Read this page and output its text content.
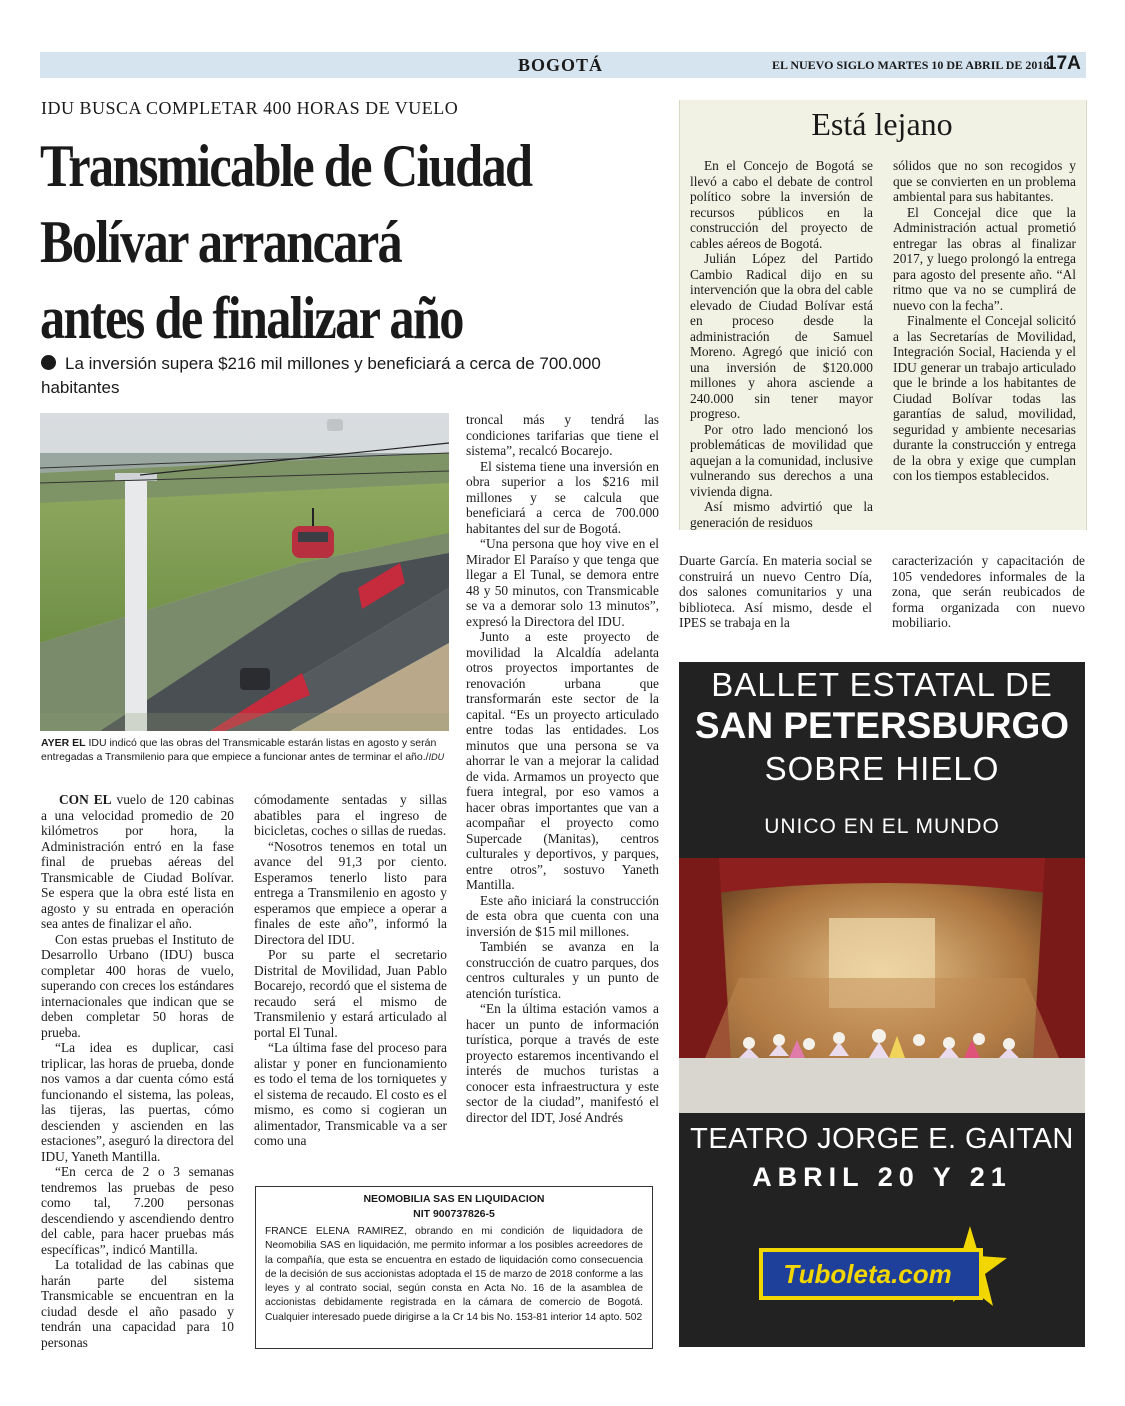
BOGOTÁ	EL NUEVO SIGLO MARTES 10 DE ABRIL DE 2018
17A
IDU BUSCA COMPLETAR 400 HORAS DE VUELO
Transmicable de Ciudad
Bolívar arrancará
antes de finalizar año
La inversión supera $216 mil millones y beneficiará a cerca de 700.000 habitantes
AYER EL IDU indicó que las obras del Transmicable estarán listas en agosto y serán entregadas a Transmilenio para que empiece a funcionar antes de terminar el año./IDU

CON EL vuelo de 120 cabinas a una velocidad promedio de 20 kilómetros por hora, la Administración entró en la fase final de pruebas aéreas del Transmicable de Ciudad Bolívar. Se espera que la obra esté lista en agosto y su entrada en operación sea antes de finalizar el año.

Con estas pruebas el Instituto de Desarrollo Urbano (IDU) busca completar 400 horas de vuelo, superando con creces los estándares internacionales que indican que se deben completar 50 horas de prueba.

“La idea es duplicar, casi triplicar, las horas de prueba, donde nos vamos a dar cuenta cómo está funcionando el sistema, las poleas, las tijeras, las puertas, cómo descienden y ascienden en las estaciones”, aseguró la directora del IDU, Yaneth Mantilla.

“En cerca de 2 o 3 semanas tendremos las pruebas de peso como tal, 7.200 personas descendiendo y ascendiendo dentro del cable, para hacer pruebas más específicas”, indicó Mantilla.

La totalidad de las cabinas que harán parte del sistema Transmicable se encuentran en la ciudad desde el año pasado y tendrán una capacidad para 10 personas

cómodamente sentadas y sillas abatibles para el ingreso de bicicletas, coches o sillas de ruedas.

“Nosotros tenemos en total un avance del 91,3 por ciento. Esperamos tenerlo listo para entrega a Transmilenio en agosto y esperamos que empiece a operar a finales de este año”, informó la Directora del IDU.

Por su parte el secretario Distrital de Movilidad, Juan Pablo Bocarejo, recordó que el sistema de recaudo será el mismo de Transmilenio y estará articulado al portal El Tunal.

“La última fase del proceso para alistar y poner en funcionamiento es todo el tema de los torniquetes y el sistema de recaudo. El costo es el mismo, es como si cogieran un alimentador, Transmicable va a ser como una

troncal más y tendrá las condiciones tarifarias que tiene el sistema”, recalcó Bocarejo.

El sistema tiene una inversión en obra superior a los $216 mil millones y se calcula que beneficiará a cerca de 700.000 habitantes del sur de Bogotá.

“Una persona que hoy vive en el Mirador El Paraíso y que tenga que llegar a El Tunal, se demora entre 48 y 50 minutos, con Transmicable se va a demorar solo 13 minutos”, expresó la Directora del IDU.

Junto a este proyecto de movilidad la Alcaldía adelanta otros proyectos importantes de renovación urbana que transformarán este sector de la capital. “Es un proyecto articulado entre todas las entidades. Los minutos que una persona se va ahorrar le van a mejorar la calidad de vida. Armamos un proyecto que fuera integral, por eso vamos a hacer obras importantes que van a acompañar el proyecto como Supercade (Manitas), centros culturales y deportivos, y parques, entre otros”, sostuvo Yaneth Mantilla.

Este año iniciará la construcción de esta obra que cuenta con una inversión de $15 mil millones.

También se avanza en la construcción de cuatro parques, dos centros culturales y un punto de atención turística.

“En la última estación vamos a hacer un punto de información turística, porque a través de este proyecto estaremos incentivando el interés de muchos turistas a conocer esta infraestructura y este sector de la ciudad”, manifestó el director del IDT, José Andrés

Duarte García. En materia social se construirá un nuevo Centro Día, dos salones comunitarios y una biblioteca. Así mismo, desde el IPES se trabaja en la

caracterización y capacitación de 105 vendedores informales de la zona, que serán reubicados de forma organizada con nuevo mobiliario.

Está lejano

En el Concejo de Bogotá se llevó a cabo el debate de control político sobre la inversión de recursos públicos en la construcción del proyecto de cables aéreos de Bogotá.

Julián López del Partido Cambio Radical dijo en su intervención que la obra del cable elevado de Ciudad Bolívar está en proceso desde la administración de Samuel Moreno. Agregó que inició con una inversión de $120.000 millones y ahora asciende a 240.000 sin tener mayor progreso.

Por otro lado mencionó los problemáticas de movilidad que aquejan a la comunidad, inclusive vulnerando sus derechos a una vivienda digna.

Así mismo advirtió que la generación de residuos

sólidos que no son recogidos y que se convierten en un problema ambiental para sus habitantes.

El Concejal dice que la Administración actual prometió entregar las obras al finalizar 2017, y luego prolongó la entrega para agosto del presente año. “Al ritmo que va no se cumplirá de nuevo con la fecha”.

Finalmente el Concejal solicitó a las Secretarías de Movilidad, Integración Social, Hacienda y el IDU generar un trabajo articulado que le brinde a los habitantes de Ciudad Bolívar todas las garantías de salud, movilidad, seguridad y ambiente necesarias durante la construcción y entrega de la obra y exige que cumplan con los tiempos establecidos.

NEOMOBILIA SAS EN LIQUIDACION
NIT 900737826-5
FRANCE ELENA RAMIREZ, obrando en mi condición de liquidadora de Neomobilia SAS en liquidación, me permito informar a los posibles acreedores de la compañía, que esta se encuentra en estado de liquidación como consecuencia de la decisión de sus accionistas adoptada el 15 de marzo de 2018 conforme a las leyes y al contrato social, según consta en Acta No. 16 de la asamblea de accionistas debidamente registrada en la cámara de comercio de Bogotá. Cualquier interesado puede dirigirse a la Cr 14 bis No. 153-81 interior 14 apto. 502
BALLET ESTATAL DE
SAN PETERSBURGO
SOBRE HIELO
UNICO EN EL MUNDO
TEATRO JORGE E. GAITAN
ABRIL 20 Y 21
Tuboleta.com
